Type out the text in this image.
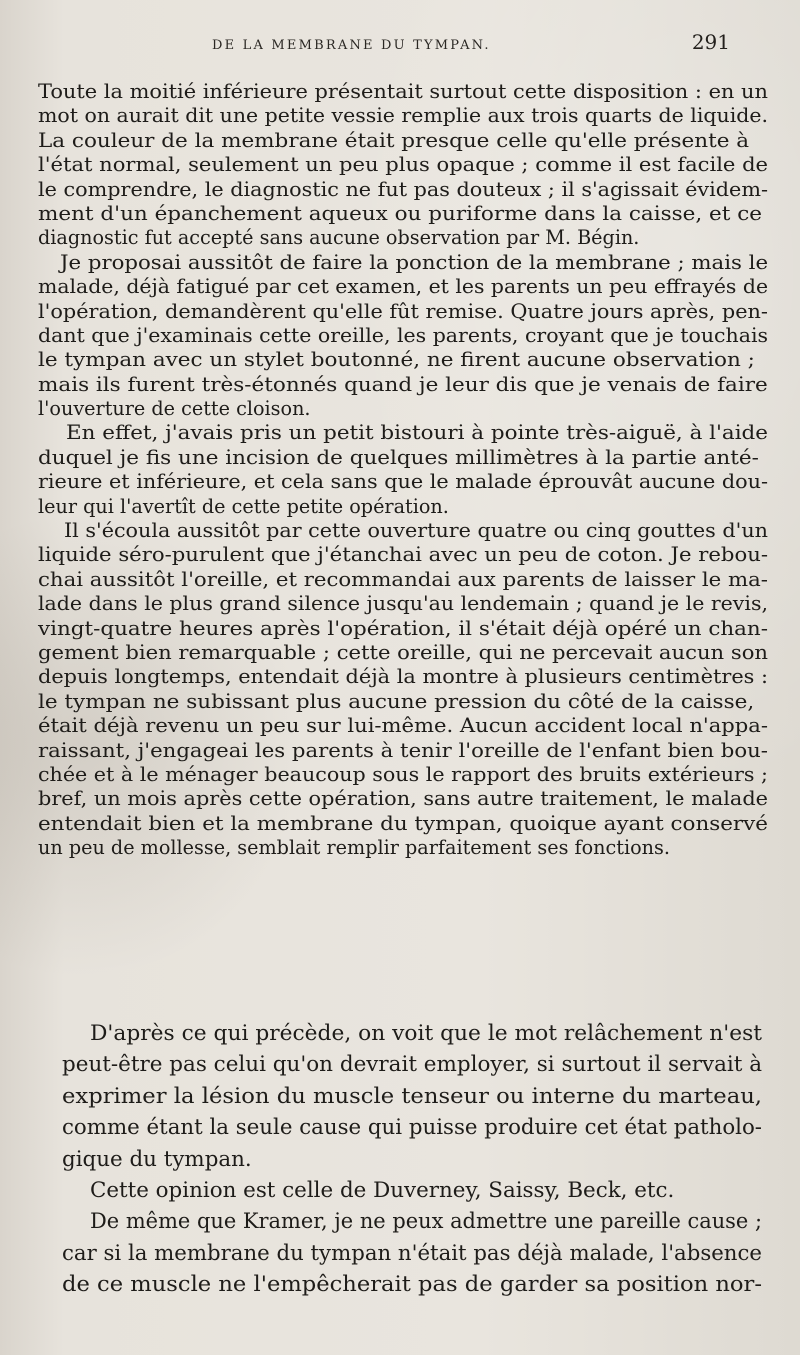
DE LA MEMBRANE DU TYMPAN.	291
Toute la moitié inférieure présentait surtout cette disposition : en un
mot on aurait dit une petite vessie remplie aux trois quarts de liquide.
La couleur de la membrane était presque celle qu'elle présente à
l'état normal, seulement un peu plus opaque ; comme il est facile de
le comprendre, le diagnostic ne fut pas douteux ; il s'agissait évidem-
ment d'un épanchement aqueux ou puriforme dans la caisse, et ce
diagnostic fut accepté sans aucune observation par M. Bégin.
Je proposai aussitôt de faire la ponction de la membrane ; mais le
malade, déjà fatigué par cet examen, et les parents un peu effrayés de
l'opération, demandèrent qu'elle fût remise. Quatre jours après, pen-
dant que j'examinais cette oreille, les parents, croyant que je touchais
le tympan avec un stylet boutonné, ne firent aucune observation ;
mais ils furent très-étonnés quand je leur dis que je venais de faire
l'ouverture de cette cloison.
En effet, j'avais pris un petit bistouri à pointe très-aiguë, à l'aide
duquel je fis une incision de quelques millimètres à la partie anté-
rieure et inférieure, et cela sans que le malade éprouvât aucune dou-
leur qui l'avertît de cette petite opération.
Il s'écoula aussitôt par cette ouverture quatre ou cinq gouttes d'un
liquide séro-purulent que j'étanchai avec un peu de coton. Je rebou-
chai aussitôt l'oreille, et recommandai aux parents de laisser le ma-
lade dans le plus grand silence jusqu'au lendemain ; quand je le revis,
vingt-quatre heures après l'opération, il s'était déjà opéré un chan-
gement bien remarquable ; cette oreille, qui ne percevait aucun son
depuis longtemps, entendait déjà la montre à plusieurs centimètres :
le tympan ne subissant plus aucune pression du côté de la caisse,
était déjà revenu un peu sur lui-même. Aucun accident local n'appa-
raissant, j'engageai les parents à tenir l'oreille de l'enfant bien bou-
chée et à le ménager beaucoup sous le rapport des bruits extérieurs ;
bref, un mois après cette opération, sans autre traitement, le malade
entendait bien et la membrane du tympan, quoique ayant conservé
un peu de mollesse, semblait remplir parfaitement ses fonctions.
D'après ce qui précède, on voit que le mot relâchement n'est
peut-être pas celui qu'on devrait employer, si surtout il servait à
exprimer la lésion du muscle tenseur ou interne du marteau,
comme étant la seule cause qui puisse produire cet état patholo-
gique du tympan.
Cette opinion est celle de Duverney, Saissy, Beck, etc.
De même que Kramer, je ne peux admettre une pareille cause ;
car si la membrane du tympan n'était pas déjà malade, l'absence
de ce muscle ne l'empêcherait pas de garder sa position nor-
